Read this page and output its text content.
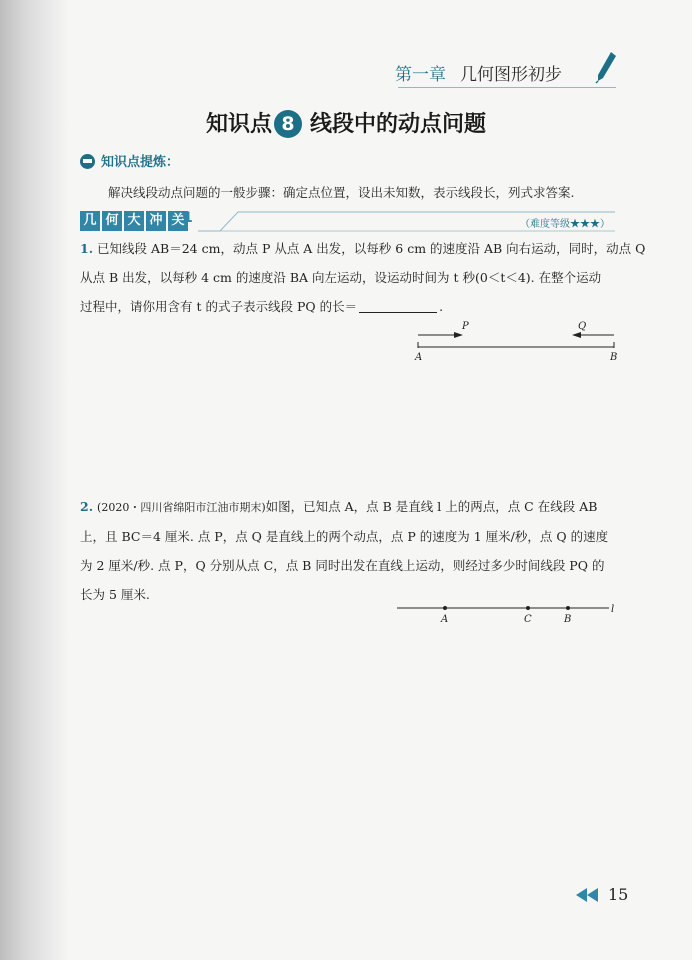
第一章 几何图形初步
知识点 8 线段中的动点问题
知识点提炼：
解决线段动点问题的一般步骤：确定点位置，设出未知数，表示线段长，列式求答案.
几 何 大 冲 关
1	（难度等级★★★）
1. 已知线段 AB＝24 cm，动点 P 从点 A 出发，以每秒 6 cm 的速度沿 AB 向右运动，同时，动点 Q
从点 B 出发，以每秒 4 cm 的速度沿 BA 向左运动，设运动时间为 t 秒(0＜t＜4). 在整个运动
过程中，请你用含有 t 的式子表示线段 PQ 的长＝	.
P	Q
A	B
2. (2020・四川省绵阳市江油市期末)如图，已知点 A，点 B 是直线 l 上的两点，点 C 在线段 AB
上，且 BC＝4 厘米. 点 P，点 Q 是直线上的两个动点，点 P 的速度为 1 厘米/秒，点 Q 的速度
为 2 厘米/秒. 点 P，Q 分别从点 C，点 B 同时出发在直线上运动，则经过多少时间线段 PQ 的
长为 5 厘米.
A	C	B
l
15
